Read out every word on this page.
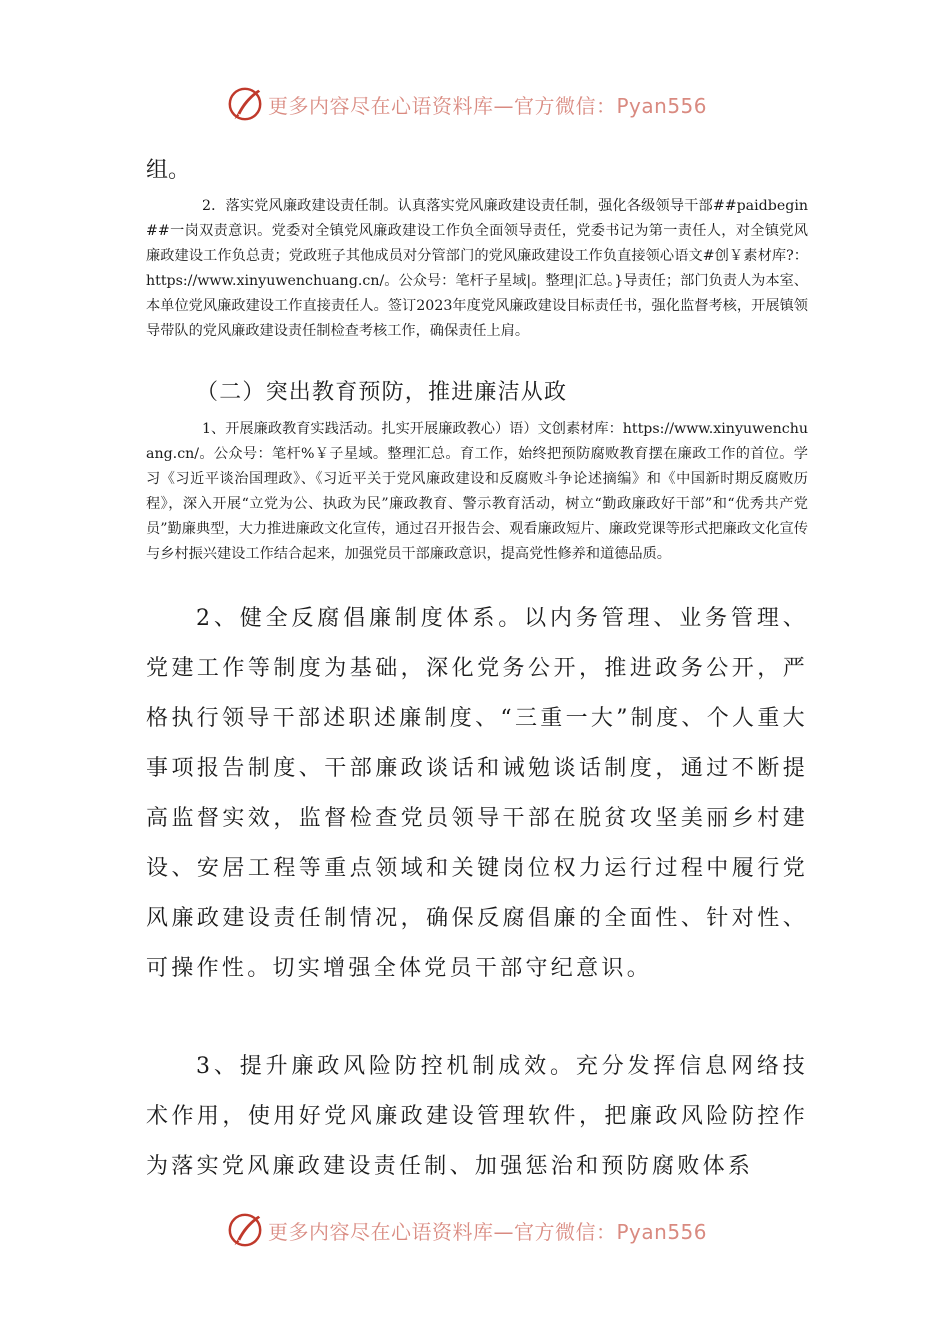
更多内容尽在心语资料库—官方微信：Pyan556

组。

2．落实党风廉政建设责任制。认真落实党风廉政建设责任制，强化各级领导干部##paidbegin##一岗双责意识。党委对全镇党风廉政建设工作负全面领导责任，党委书记为第一责任人，对全镇党风廉政建设工作负总责；党政班子其他成员对分管部门的党风廉政建设工作负直接领心语文#创￥素材库?：https://www.xinyuwenchuang.cn/。公众号：笔杆子星域|。整理|汇总。}导责任；部门负责人为本室、本单位党风廉政建设工作直接责任人。签订2023年度党风廉政建设目标责任书，强化监督考核，开展镇领导带队的党风廉政建设责任制检查考核工作，确保责任上肩。

（二）突出教育预防，推进廉洁从政

1、开展廉政教育实践活动。扎实开展廉政教心）语）文创素材库：https://www.xinyuwenchuang.cn/。公众号：笔杆%￥子星域。整理汇总。育工作，始终把预防腐败教育摆在廉政工作的首位。学习《习近平谈治国理政》、《习近平关于党风廉政建设和反腐败斗争论述摘编》和《中国新时期反腐败历程》，深入开展“立党为公、执政为民”廉政教育、警示教育活动，树立“勤政廉政好干部”和“优秀共产党员”勤廉典型，大力推进廉政文化宣传，通过召开报告会、观看廉政短片、廉政党课等形式把廉政文化宣传与乡村振兴建设工作结合起来，加强党员干部廉政意识，提高党性修养和道德品质。

2、健全反腐倡廉制度体系。以内务管理、业务管理、党建工作等制度为基础，深化党务公开，推进政务公开，严格执行领导干部述职述廉制度、“三重一大”制度、个人重大事项报告制度、干部廉政谈话和诫勉谈话制度，通过不断提高监督实效，监督检查党员领导干部在脱贫攻坚美丽乡村建设、安居工程等重点领域和关键岗位权力运行过程中履行党风廉政建设责任制情况，确保反腐倡廉的全面性、针对性、可操作性。切实增强全体党员干部守纪意识。

3、提升廉政风险防控机制成效。充分发挥信息网络技术作用，使用好党风廉政建设管理软件，把廉政风险防控作为落实党风廉政建设责任制、加强惩治和预防腐败体系

更多内容尽在心语资料库—官方微信：Pyan556
